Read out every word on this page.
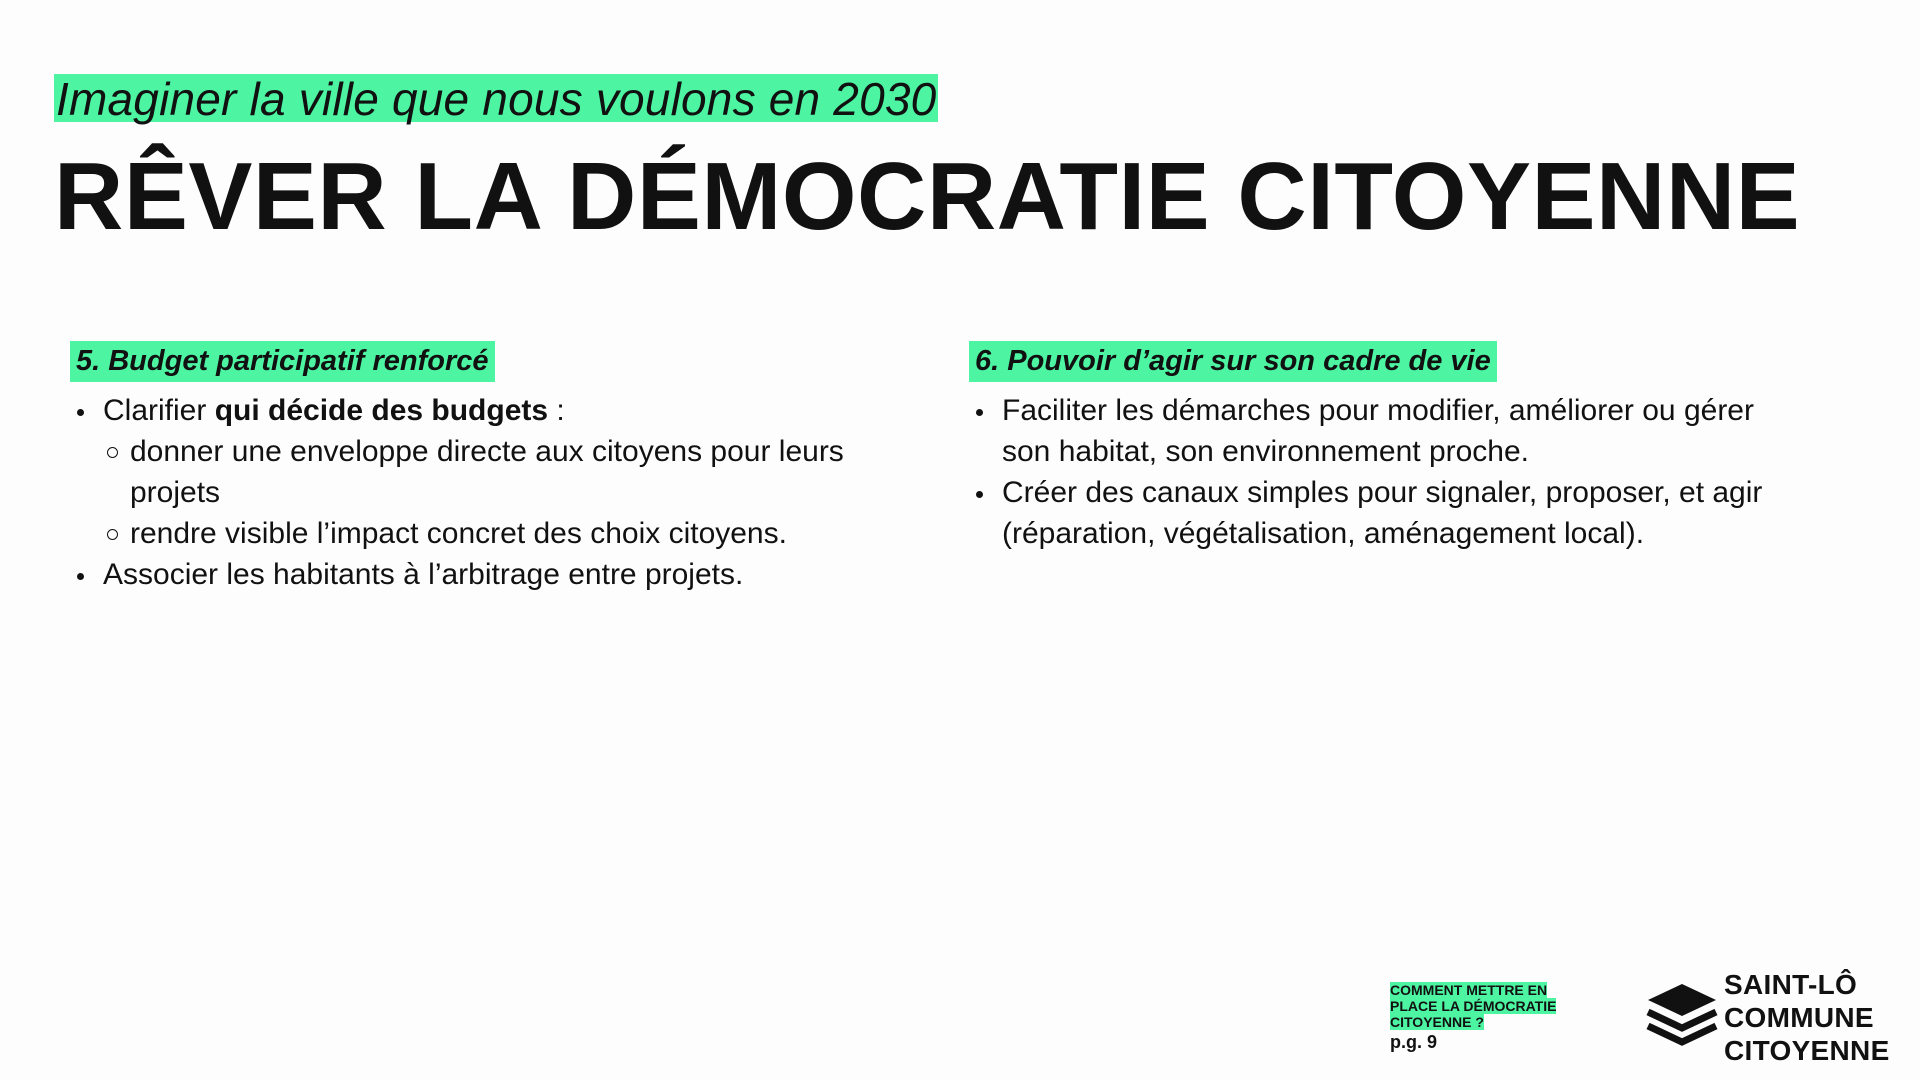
Imaginer la ville que nous voulons en 2030
RÊVER LA DÉMOCRATIE CITOYENNE
5. Budget participatif renforcé
Clarifier qui décide des budgets :
donner une enveloppe directe aux citoyens pour leurs projets
rendre visible l’impact concret des choix citoyens.
Associer les habitants à l’arbitrage entre projets.
6. Pouvoir d’agir sur son cadre de vie
Faciliter les démarches pour modifier, améliorer ou gérer son habitat, son environnement proche.
Créer des canaux simples pour signaler, proposer, et agir (réparation, végétalisation, aménagement local).
COMMENT METTRE EN
PLACE LA DÉMOCRATIE
CITOYENNE ?
p.g. 9
SAINT-LÔ
COMMUNE
CITOYENNE
